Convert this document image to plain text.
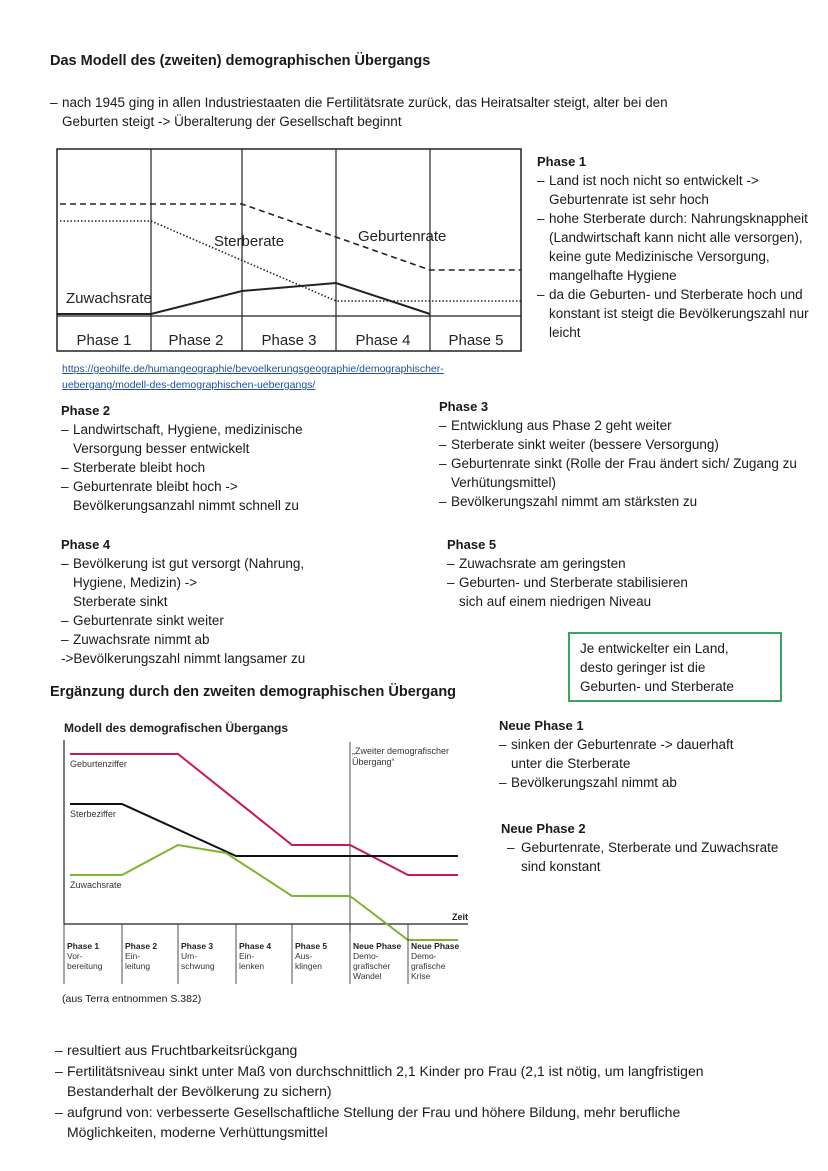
Das Modell des (zweiten) demographischen Übergangs
– nach 1945 ging in allen Industriestaaten die Fertilitätsrate zurück, das Heiratsalter steigt, alter bei den
Geburten steigt -> Überalterung der Gesellschaft beginnt
Sterberate	Geburtenrate
Zuwachsrate
Phase 1 Phase 2	Phase 3	Phase 4	Phase 5
https://geohilfe.de/humangeographie/bevoelkerungsgeographie/demographischer-
uebergang/modell-des-demographischen-uebergangs/
Phase 1
– Land ist noch nicht so entwickelt ->
Geburtenrate ist sehr hoch
– hohe Sterberate durch: Nahrungsknappheit
(Landwirtschaft kann nicht alle versorgen),
keine gute Medizinische Versorgung,
mangelhafte Hygiene
– da die Geburten- und Sterberate hoch und
konstant ist steigt die Bevölkerungszahl nur
leicht
Phase 2
– Landwirtschaft, Hygiene, medizinische
Versorgung besser entwickelt
– Sterberate bleibt hoch
– Geburtenrate bleibt hoch ->
Bevölkerungsanzahl nimmt schnell zu
Phase 3
– Entwicklung aus Phase 2 geht weiter
– Sterberate sinkt weiter (bessere Versorgung)
– Geburtenrate sinkt (Rolle der Frau ändert sich/ Zugang zu
Verhütungsmittel)
– Bevölkerungszahl nimmt am stärksten zu
Phase 4
– Bevölkerung ist gut versorgt (Nahrung,
Hygiene, Medizin) ->
Sterberate sinkt
– Geburtenrate sinkt weiter
– Zuwachsrate nimmt ab
->Bevölkerungszahl nimmt langsamer zu
Phase 5
– Zuwachsrate am geringsten
– Geburten- und Sterberate stabilisieren
sich auf einem niedrigen Niveau
Je entwickelter ein Land,
desto geringer ist die
Geburten- und Sterberate
Ergänzung durch den zweiten demographischen Übergang
Modell des demografischen Übergangs
„Zweiter demografischer
Übergang“
Zeit
Geburtenziffer
Sterbeziffer
Zuwachsrate
Phase 1
Vor-
bereitung
Phase 2
Ein-
leitung
Phase 3
Um-
schwung
Phase 4
Ein-
lenken
Phase 5
Aus-
klingen
Neue Phase
Demo-
grafischer
Wandel
Neue Phase
Demo-
grafische
Krise
(aus Terra entnommen S.382)
Neue Phase 1
– sinken der Geburtenrate -> dauerhaft
unter die Sterberate
– Bevölkerungszahl nimmt ab
Neue Phase 2
– Geburtenrate, Sterberate und Zuwachsrate
sind konstant
– resultiert aus Fruchtbarkeitsrückgang
– Fertilitätsniveau sinkt unter Maß von durchschnittlich 2,1 Kinder pro Frau (2,1 ist nötig, um langfristigen
Bestanderhalt der Bevölkerung zu sichern)
– aufgrund von: verbesserte Gesellschaftliche Stellung der Frau und höhere Bildung, mehr berufliche
Möglichkeiten, moderne Verhüttungsmittel
